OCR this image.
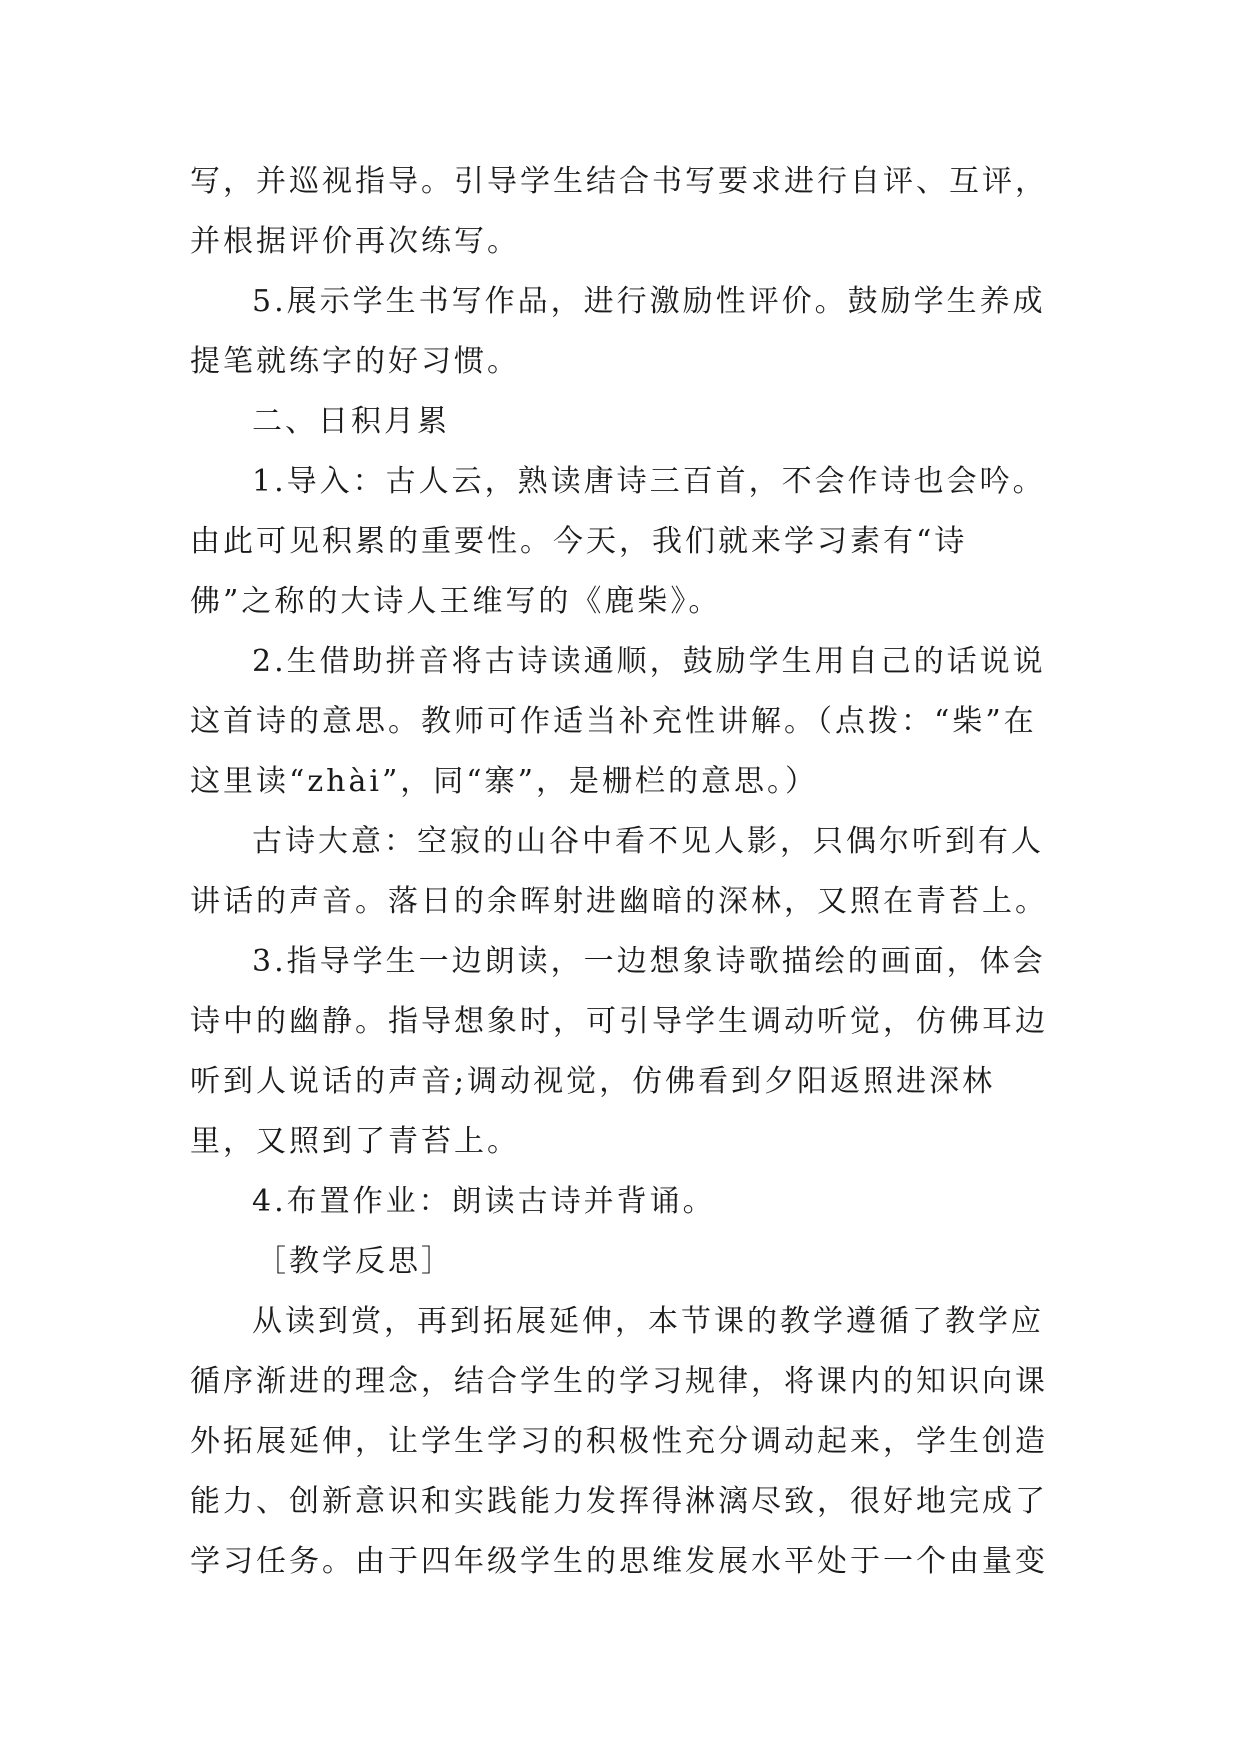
写，并巡视指导。引导学生结合书写要求进行自评、互评，并根据评价再次练写。

5.展示学生书写作品，进行激励性评价。鼓励学生养成提笔就练字的好习惯。

二、日积月累

1.导入：古人云，熟读唐诗三百首，不会作诗也会吟。由此可见积累的重要性。今天，我们就来学习素有“诗佛”之称的大诗人王维写的《鹿柴》。

2.生借助拼音将古诗读通顺，鼓励学生用自己的话说说这首诗的意思。教师可作适当补充性讲解。（点拨：“柴”在这里读“zhài”，同“寨”，是栅栏的意思。）

古诗大意：空寂的山谷中看不见人影，只偶尔听到有人讲话的声音。落日的余晖射进幽暗的深林，又照在青苔上。

3.指导学生一边朗读，一边想象诗歌描绘的画面，体会诗中的幽静。指导想象时，可引导学生调动听觉，仿佛耳边听到人说话的声音;调动视觉，仿佛看到夕阳返照进深林里，又照到了青苔上。

4.布置作业：朗读古诗并背诵。

［教学反思］

从读到赏，再到拓展延伸，本节课的教学遵循了教学应循序渐进的理念，结合学生的学习规律，将课内的知识向课外拓展延伸，让学生学习的积极性充分调动起来，学生创造能力、创新意识和实践能力发挥得淋漓尽致，很好地完成了学习任务。由于四年级学生的思维发展水平处于一个由量变
